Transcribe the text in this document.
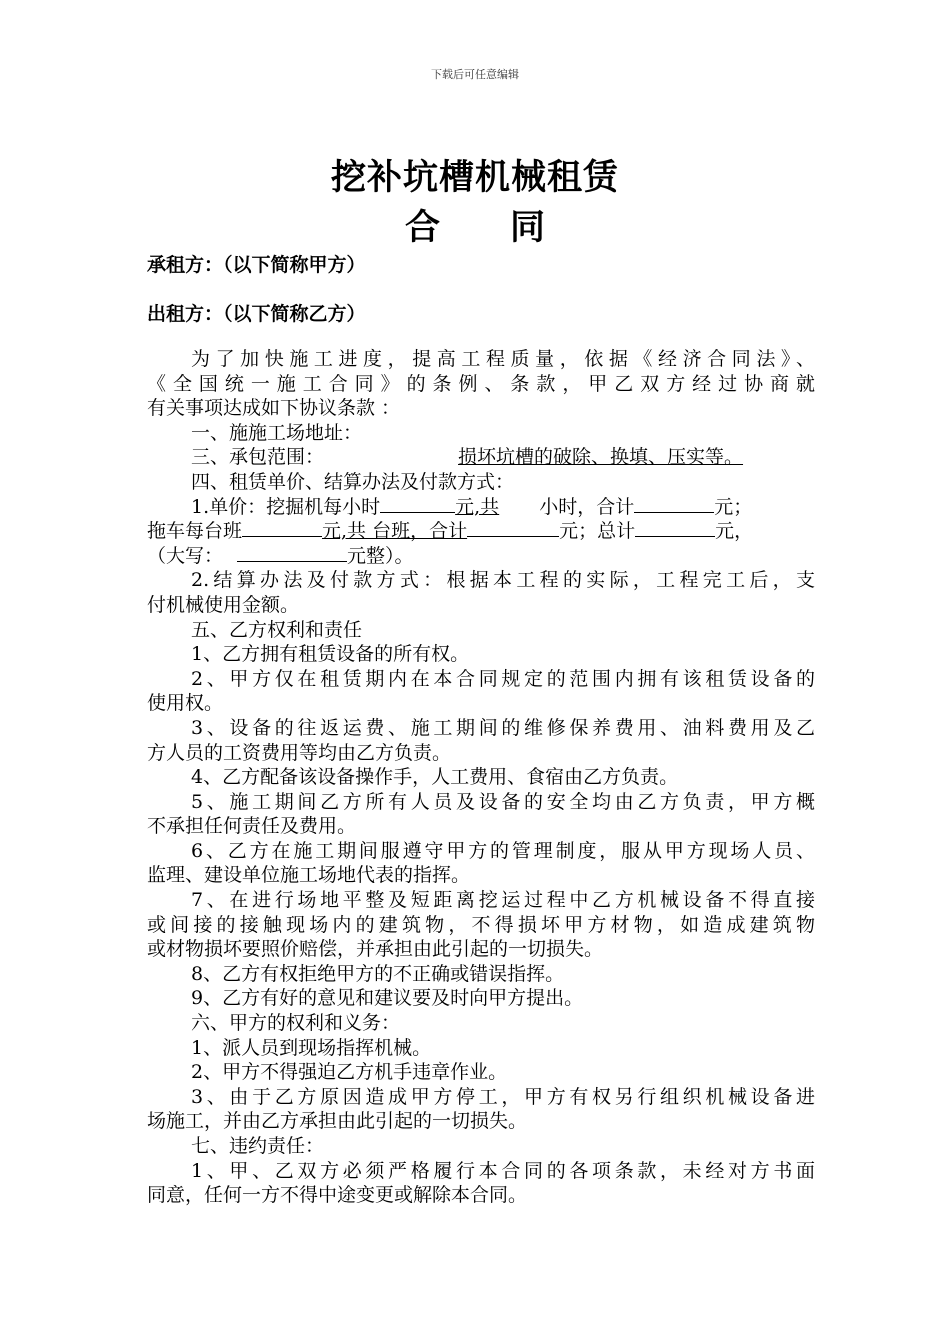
下载后可任意编辑
挖补坑槽机械租赁
合同
承租方：（以下简称甲方）
出租方：（以下简称乙方）

为了加快施工进度，提高工程质量，依据《经济合同法》、

《全国统一施工合同》的条例、条款，甲乙双方经过协商就

有关事项达成如下协议条款 ：

一、施施工场地址：

三、承包范围：	损坏坑槽的破除、换填、压实等。

四、租赁单价、结算办法及付款方式：

1.单价：挖掘机每小时	元,共 小时，合计	元；

拖车每台班	元,共 台班，合计	元；总计	元，

（大写：	元整）。

2.结算办法及付款方式：根据本工程的实际，工程完工后，支

付机械使用金额。

五、乙方权利和责任

1、乙方拥有租赁设备的所有权。

2、甲方仅在租赁期内在本合同规定的范围内拥有该租赁设备的

使用权。

3、设备的往返运费、施工期间的维修保养费用、油料费用及乙

方人员的工资费用等均由乙方负责。

4、乙方配备该设备操作手，人工费用、食宿由乙方负责。

5、施工期间乙方所有人员及设备的安全均由乙方负责，甲方概

不承担任何责任及费用。

6、乙方在施工期间服遵守甲方的管理制度，服从甲方现场人员、

监理、建设单位施工场地代表的指挥。

7、在进行场地平整及短距离挖运过程中乙方机械设备不得直接

或间接的接触现场内的建筑物，不得损坏甲方材物，如造成建筑物

或材物损坏要照价赔偿，并承担由此引起的一切损失。

8、乙方有权拒绝甲方的不正确或错误指挥。

9、乙方有好的意见和建议要及时向甲方提出。

六、甲方的权利和义务：

1、派人员到现场指挥机械。

2、甲方不得强迫乙方机手违章作业。

3、由于乙方原因造成甲方停工，甲方有权另行组织机械设备进

场施工，并由乙方承担由此引起的一切损失。

七、违约责任：

1、甲、乙双方必须严格履行本合同的各项条款，未经对方书面

同意，任何一方不得中途变更或解除本合同。
